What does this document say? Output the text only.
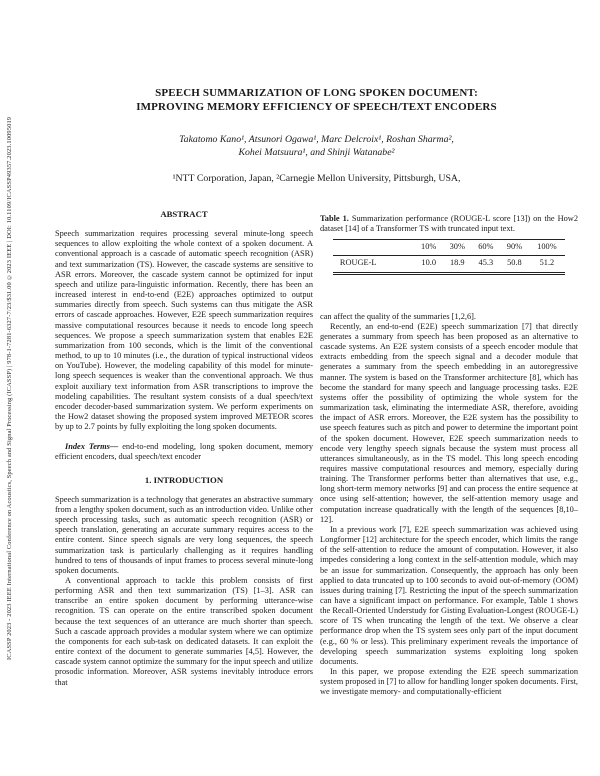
ICASSP 2023 - 2023 IEEE International Conference on Acoustics, Speech and Signal Processing (ICASSP) | 978-1-7281-6327-7/23/$31.00 ©2023 IEEE | DOI: 10.1109/ICASSP49357.2023.10095019
SPEECH SUMMARIZATION OF LONG SPOKEN DOCUMENT:
IMPROVING MEMORY EFFICIENCY OF SPEECH/TEXT ENCODERS
Takatomo Kano¹, Atsunori Ogawa¹, Marc Delcroix¹, Roshan Sharma²,
Kohei Matsuura¹, and Shinji Watanabe²
¹NTT Corporation, Japan, ²Carnegie Mellon University, Pittsburgh, USA,
ABSTRACT

Speech summarization requires processing several minute-long speech sequences to allow exploiting the whole context of a spoken document. A conventional approach is a cascade of automatic speech recognition (ASR) and text summarization (TS). However, the cascade systems are sensitive to ASR errors. Moreover, the cascade system cannot be optimized for input speech and utilize para-linguistic information. Recently, there has been an increased interest in end-to-end (E2E) approaches optimized to output summaries directly from speech. Such systems can thus mitigate the ASR errors of cascade approaches. However, E2E speech summarization requires massive computational resources because it needs to encode long speech sequences. We propose a speech summarization system that enables E2E summarization from 100 seconds, which is the limit of the conventional method, to up to 10 minutes (i.e., the duration of typical instructional videos on YouTube). However, the modeling capability of this model for minute-long speech sequences is weaker than the conventional approach. We thus exploit auxiliary text information from ASR transcriptions to improve the modeling capabilities. The resultant system consists of a dual speech/text encoder decoder-based summarization system. We perform experiments on the How2 dataset showing the proposed system improved METEOR scores by up to 2.7 points by fully exploiting the long spoken documents.

Index Terms— end-to-end modeling, long spoken document, memory efficient encoders, dual speech/text encoder

1. INTRODUCTION

Speech summarization is a technology that generates an abstractive summary from a lengthy spoken document, such as an introduction video. Unlike other speech processing tasks, such as automatic speech recognition (ASR) or speech translation, generating an accurate summary requires access to the entire content. Since speech signals are very long sequences, the speech summarization task is particularly challenging as it requires handling hundred to tens of thousands of input frames to process several minute-long spoken documents.

A conventional approach to tackle this problem consists of first performing ASR and then text summarization (TS) [1–3]. ASR can transcribe an entire spoken document by performing utterance-wise recognition. TS can operate on the entire transcribed spoken document because the text sequences of an utterance are much shorter than speech. Such a cascade approach provides a modular system where we can optimize the components for each sub-task on dedicated datasets. It can exploit the entire context of the document to generate summaries [4,5]. However, the cascade system cannot optimize the summary for the input speech and utilize prosodic information. Moreover, ASR systems inevitably introduce errors that

Table 1. Summarization performance (ROUGE-L score [13]) on the How2 dataset [14] of a Transformer TS with truncated input text.
	10%	30%	60%	90%	100%
ROUGE-L	10.0	18.9	45.3	50.8	51.2

can affect the quality of the summaries [1,2,6].

Recently, an end-to-end (E2E) speech summarization [7] that directly generates a summary from speech has been proposed as an alternative to cascade systems. An E2E system consists of a speech encoder module that extracts embedding from the speech signal and a decoder module that generates a summary from the speech embedding in an autoregressive manner. The system is based on the Transformer architecture [8], which has become the standard for many speech and language processing tasks. E2E systems offer the possibility of optimizing the whole system for the summarization task, eliminating the intermediate ASR, therefore, avoiding the impact of ASR errors. Moreover, the E2E system has the possibility to use speech features such as pitch and power to determine the important point of the spoken document. However, E2E speech summarization needs to encode very lengthy speech signals because the system must process all utterances simultaneously, as in the TS model. This long speech encoding requires massive computational resources and memory, especially during training. The Transformer performs better than alternatives that use, e.g., long short-term memory networks [9] and can process the entire sequence at once using self-attention; however, the self-attention memory usage and computation increase quadratically with the length of the sequences [8,10–12].

In a previous work [7], E2E speech summarization was achieved using Longformer [12] architecture for the speech encoder, which limits the range of the self-attention to reduce the amount of computation. However, it also impedes considering a long context in the self-attention module, which may be an issue for summarization. Consequently, the approach has only been applied to data truncated up to 100 seconds to avoid out-of-memory (OOM) issues during training [7]. Restricting the input of the speech summarization can have a significant impact on performance. For example, Table 1 shows the Recall-Oriented Understudy for Gisting Evaluation-Longest (ROUGE-L) score of TS when truncating the length of the text. We observe a clear performance drop when the TS system sees only part of the input document (e.g., 60 % or less). This preliminary experiment reveals the importance of developing speech summarization systems exploiting long spoken documents.

In this paper, we propose extending the E2E speech summarization system proposed in [7] to allow for handling longer spoken documents. First, we investigate memory- and computationally-efficient
